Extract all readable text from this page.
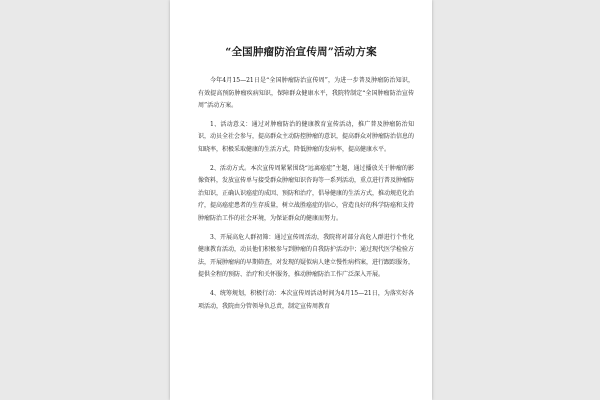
“全国肿瘤防治宣传周”活动方案

今年4月15—21日是“全国肿瘤防治宣传周”，为进一步普及肿瘤防治知识，有效提高预防肿瘤疾病知识，保障群众健康水平，我院特制定“全国肿瘤防治宣传周”活动方案。

1、活动意义：通过对肿瘤防治的健康教育宣传活动，推广普及肿瘤防治知识，动员全社会参与，提高群众主动防控肿瘤的意识，提高群众对肿瘤防治信息的知晓率，积极采取健康的生活方式，降低肿瘤的发病率，提高健康水平。

2、活动方式。本次宣传周紧紧围绕“远离癌症”主题，通过播放关于肿瘤的影像资料，发放宣传单与接受群众肿瘤知识咨询等一系列活动，重点进行普及肿瘤防治知识，正确认识癌症的成因、预防和治疗，倡导健康的生活方式，推动规范化治疗，提高癌症患者的生存质量，树立战胜癌症的信心，营造良好的科学防癌和支持肿瘤防治工作的社会环境，为保证群众的健康而努力。

3、开展高危人群初筛：通过宣传周活动，我院将对部分高危人群进行个性化健康教育活动，动员他们积极参与到肿瘤的自我防护活动中；通过现代医学检验方法，开展肿瘤病的早期筛查，对发现的疑似病人建立慢性病档案，进行跟踪服务，提供全程的预防、治疗和关怀服务，推动肿瘤防治工作广泛深入开展。

4、统筹规划，积极行动：本次宣传周活动时间为4月15—21日，为落实好各项活动，我院由分管领导负总责，制定宣传周教育
